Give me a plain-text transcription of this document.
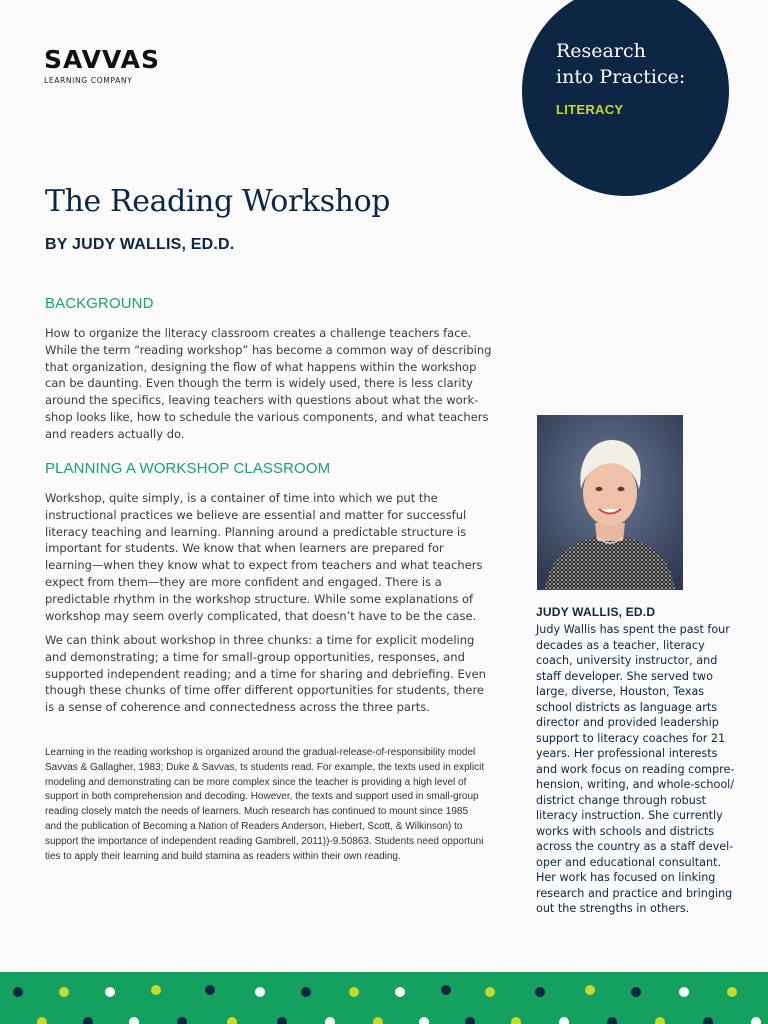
SAVVAS
LEARNING COMPANY
Research
into Practice:
LITERACY
The Reading Workshop
BY JUDY WALLIS, ED.D.
BACKGROUND
How to organize the literacy classroom creates a challenge teachers face. While the term “reading workshop” has become a common way of describing that organization, designing the flow of what happens within the workshop can be daunting. Even though the term is widely used, there is less clarity around the specifics, leaving teachers with questions about what the work-shop looks like, how to schedule the various components, and what teachers and readers actually do.
PLANNING A WORKSHOP CLASSROOM
Workshop, quite simply, is a container of time into which we put the instructional practices we believe are essential and matter for successful literacy teaching and learning. Planning around a predictable structure is important for students. We know that when learners are prepared for learning—when they know what to expect from teachers and what teachers expect from them—they are more confident and engaged. There is a predictable rhythm in the workshop structure. While some explanations of workshop may seem overly complicated, that doesn’t have to be the case.
We can think about workshop in three chunks: a time for explicit modeling and demonstrating; a time for small-group opportunities, responses, and supported independent reading; and a time for sharing and debriefing. Even though these chunks of time offer different opportunities for students, there is a sense of coherence and connectedness across the three parts.
Learning in the reading workshop is organized around the gradual-release-of-responsibility model Savvas & Gallagher, 1983; Duke & Savvas, ts students read. For example, the texts used in explicit modeling and demonstrating can be more complex since the teacher is providing a high level of support in both comprehension and decoding. However, the texts and support used in small-group reading closely match the needs of learners. Much research has continued to mount since 1985 and the publication of Becoming a Nation of Readers Anderson, Hiebert, Scott, & Wilkinson) to support the importance of independent reading Gambrell, 2011))-9.50863. Students need opportuni ties to apply their learning and build stamina as readers within their own reading.
JUDY WALLIS, ED.D
Judy Wallis has spent the past four decades as a teacher, literacy coach, university instructor, and staff developer. She served two large, diverse, Houston, Texas school districts as language arts director and provided leadership support to literacy coaches for 21 years. Her professional interests and work focus on reading compre-hension, writing, and whole-school/ district change through robust literacy instruction. She currently works with schools and districts across the country as a staff devel-oper and educational consultant. Her work has focused on linking research and practice and bringing out the strengths in others.
